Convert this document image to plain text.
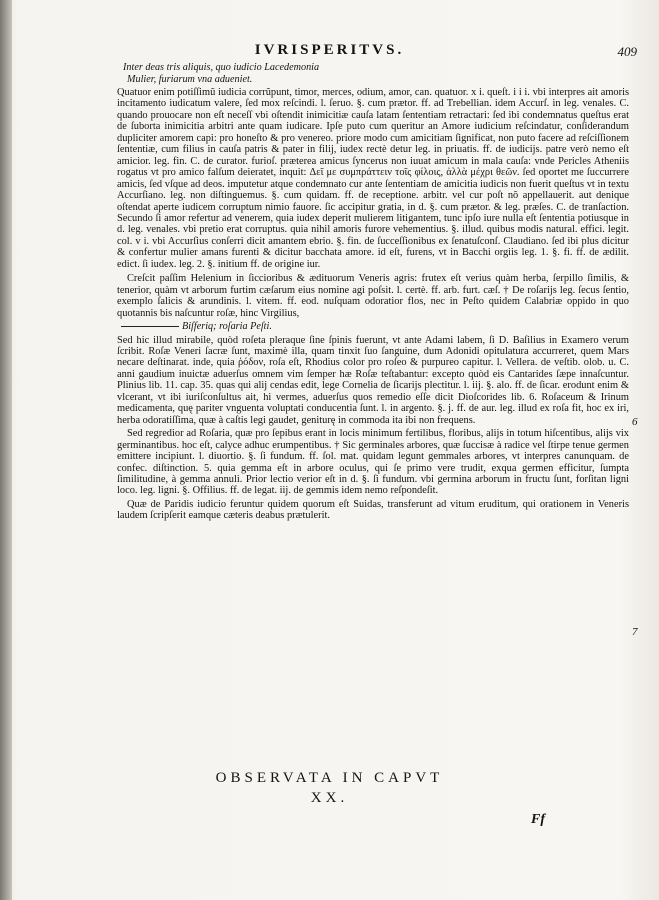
IVRISPERITVS.	409
Inter deas tris aliquis, quo iudicio Lacedemonia
Mulier, furiarum vna adueniet.

Quatuor enim potiſſimũ iudicia corrũpunt, timor, merces, odium, amor, can. quatuor. x i. queſt. i i i. vbi interpres ait amoris incitamento iudicatum valere, ſed mox reſcindi. l. ſeruo. §. cum prætor. ff. ad Trebellian. idem Accurſ. in leg. venales. C. quando prouocare non eſt neceſſ vbi oſtendit inimicitiæ cauſa latam ſententiam retractari: ſed ibi condemnatus queſtus erat de ſuborta inimicitia arbitri ante quam iudicare. Ipſe puto cum queritur an Amore iudicium reſcindatur, conſiderandum dupliciter amorem capi: pro honeſto & pro venereo. priore modo cum amicitiam ſignificat, non puto facere ad reſciſſionem ſententiæ, cum filius in cauſa patris & pater in filij, iudex rectè detur leg. in priuatis. ff. de iudicijs. patre verò nemo eſt amicior. leg. fin. C. de curator. furioſ. præterea amicus ſyncerus non iuuat amicum in mala cauſa: vnde Pericles Atheniis rogatus vt pro amico falſum deieratet, inquit: Δεῖ με συμπράττειν τοῖς φίλοις, ἀλλὰ μέχρι θεῶν. ſed oportet me ſuccurrere amicis, ſed vſque ad deos. imputetur atque condemnato cur ante ſententiam de amicitia iudicis non fuerit queſtus vt in textu Accurſiano. leg. non diſtinguemus. §. cum quidam. ff. de receptione. arbitr. vel cur poſt nõ appellauerit. aut denique oſtendat aperte iudicem corruptum nimio fauore. ſic accipitur gratia, in d. §. cum prætor. & leg. præſes. C. de tranſaction. Secundo ſi amor refertur ad venerem, quia iudex deperit mulierem litigantem, tunc ipſo iure nulla eſt ſententia potiusque in d. leg. venales. vbi pretio erat corruptus. quia nihil amoris furore vehementius. §. illud. quibus modis natural. effici. legit. col. v i. vbi Accurſius conſerri dicit amantem ebrio. §. fin. de ſucceſſionibus ex ſenatuſconſ. Claudiano. ſed ibi plus dicitur & confertur mulier amans furenti & dicitur bacchata amore. id eſt, furens, vt in Bacchi orgiis leg. 1. §. fi. ff. de ædilit. edict. ſi iudex. leg. 2. §. initium ff. de origine iur.

Creſcit paſſim Helenium in ſiccioribus & ædituorum Veneris agris: frutex eſt verius quàm herba, ſerpillo ſimilis, & tenerior, quàm vt arborum furtim cæſarum eius nomine agi poſsit. l. certè. ff. arb. furt. cæſ. † De roſarijs leg. ſecus ſentio, exemplo ſalicis & arundinis. l. vitem. ff. eod. nuſquam odoratior flos, nec in Peſto quidem Calabriæ oppido in quo quotannis bis naſcuntur roſæ, hinc Virgilius,

Biſferiq; roſaria Peſti.

Sed hic illud mirabile, quòd roſeta pleraque ſine ſpinis fuerunt, vt ante Adami labem, ſi D. Baſilius in Examero verum ſcribit. Roſæ Veneri ſacræ ſunt, maximè illa, quam tinxit ſuo ſanguine, dum Adonidi opitulatura accurreret, quem Mars necare deſtinarat. inde, quia ῥόδον, roſa eſt, Rhodius color pro roſeo & purpureo capitur. l. Vellera. de veſtib. olob. u. C. anni gaudium inuictæ aduerſus omnem vim ſemper hæ Roſæ teſtabantur: excepto quòd eis Cantarides ſæpe innaſcuntur. Plinius lib. 11. cap. 35. quas qui alij cendas edit, lege Cornelia de ſicarijs plectitur. l. iij. §. alo. ff. de ſicar. erodunt enim & vlcerant, vt ibi iuriſconſultus ait, hi vermes, aduerſus quos remedio eſſe dicit Dioſcorides lib. 6. Roſaceum & Irinum medicamenta, quę pariter vnguenta voluptati conducentia ſunt. l. in argento. §. j. ff. de aur. leg. illud ex roſa fit, hoc ex iri, herba odoratiſſima, quæ à caſtis legi gaudet, geniturę in commoda ita ibi non frequens.

Sed regredior ad Roſaria, quæ pro ſepibus erant in locis minimum fertilibus, floribus, alijs in totum hiſcentibus, alijs vix germinantibus. hoc eſt, calyce adhuc erumpentibus. † Sic germinales arbores, quæ ſuccisæ à radice vel ſtirpe tenue germen emittere incipiunt. l. diuortio. §. ſi fundum. ff. ſol. mat. quidam legunt gemmales arbores, vt interpres canunquam. de confec. diſtinction. 5. quia gemma eſt in arbore oculus, qui ſe primo vere trudit, exqua germen efficitur, ſumpta ſimilitudine, à gemma annuli. Prior lectio verior eſt in d. §. ſi fundum. vbi germina arborum in fructu ſunt, forſitan ligni loco. leg. ligni. §. Offilius. ff. de legat. iij. de gemmis idem nemo reſpondeſit.

Quæ de Paridis iudicio feruntur quidem quorum eſt Suidas, transferunt ad vitum eruditum, qui orationem in Veneris laudem ſcripſerit eamque cæteris deabus prætulerit.

6
7
OBSERVATA IN CAPVT
XX.
Ff
